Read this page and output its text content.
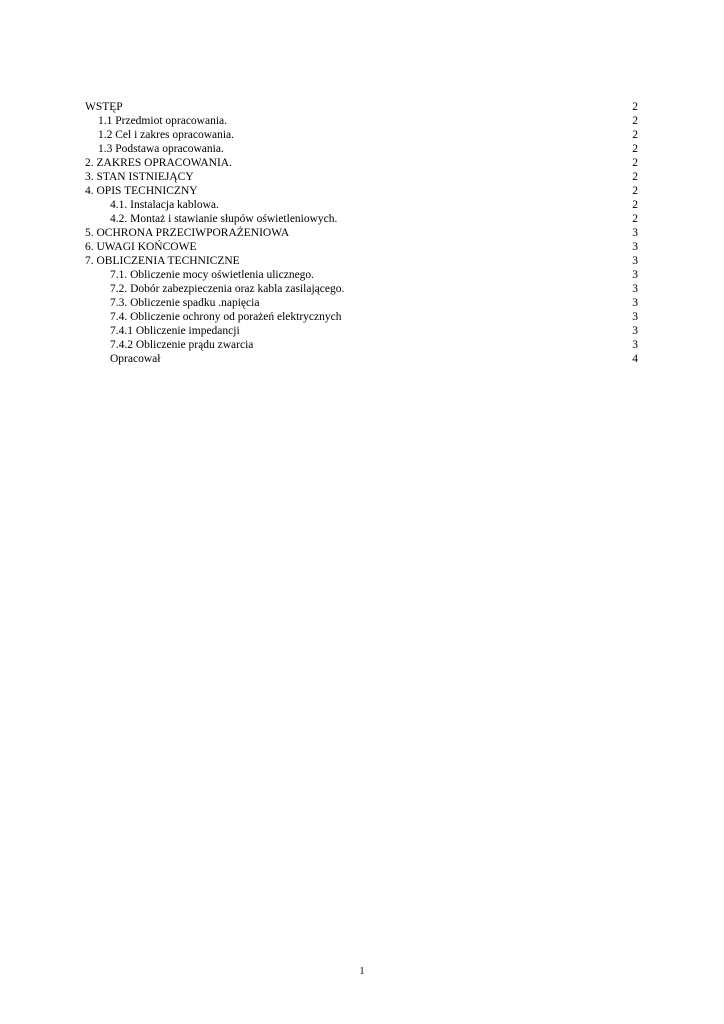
WSTĘP	2
1.1 Przedmiot opracowania.	2
1.2 Cel i zakres opracowania.	2
1.3 Podstawa opracowania.	2
2. ZAKRES OPRACOWANIA.	2
3. STAN ISTNIEJĄCY	2
4. OPIS TECHNICZNY	2
4.1. Instalacja kablowa.	2
4.2. Montaż i stawianie słupów oświetleniowych.	2
5. OCHRONA PRZECIWPORAŻENIOWA	3
6. UWAGI KOŃCOWE	3
7. OBLICZENIA TECHNICZNE	3
7.1. Obliczenie mocy oświetlenia ulicznego.	3
7.2. Dobór zabezpieczenia oraz kabla zasilającego.	3
7.3. Obliczenie spadku .napięcia	3
7.4. Obliczenie ochrony od porażeń elektrycznych	3
7.4.1 Obliczenie impedancji	3
7.4.2 Obliczenie prądu zwarcia	3
Opracował	4
1
